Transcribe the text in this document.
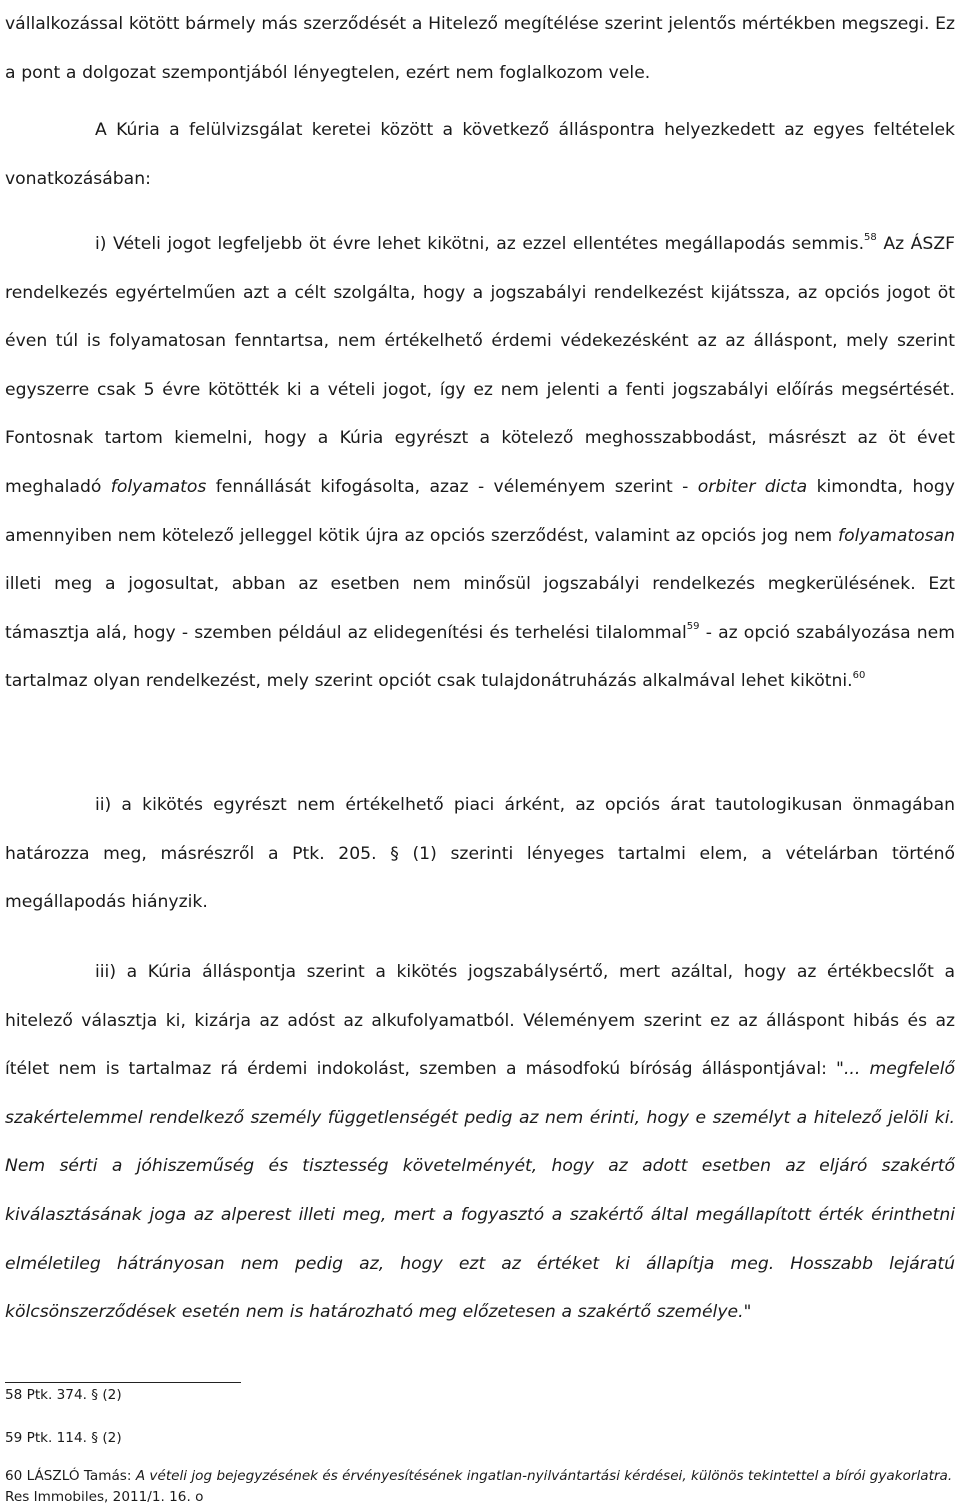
vállalkozással kötött bármely más szerződését a Hitelező megítélése szerint jelentős mértékben megszegi. Ez a pont a dolgozat szempontjából lényegtelen, ezért nem foglalkozom vele.

A Kúria a felülvizsgálat keretei között a következő álláspontra helyezkedett az egyes feltételek vonatkozásában:

i) Vételi jogot legfeljebb öt évre lehet kikötni, az ezzel ellentétes megállapodás semmis.$^{58}$ Az ÁSZF rendelkezés egyértelműen azt a célt szolgálta, hogy a jogszabályi rendelkezést kijátssza, az opciós jogot öt éven túl is folyamatosan fenntartsa, nem értékelhető érdemi védekezésként az az álláspont, mely szerint egyszerre csak 5 évre kötötték ki a vételi jogot, így ez nem jelenti a fenti jogszabályi előírás megsértését. Fontosnak tartom kiemelni, hogy a Kúria egyrészt a kötelező meghosszabbodást, másrészt az öt évet meghaladó folyamatos fennállását kifogásolta, azaz - véleményem szerint - orbiter dicta kimondta, hogy amennyiben nem kötelező jelleggel kötik újra az opciós szerződést, valamint az opciós jog nem folyamatosan illeti meg a jogosultat, abban az esetben nem minősül jogszabályi rendelkezés megkerülésének. Ezt támasztja alá, hogy - szemben például az elidegenítési és terhelési tilalommal$^{59}$ - az opció szabályozása nem tartalmaz olyan rendelkezést, mely szerint opciót csak tulajdonátruházás alkalmával lehet kikötni.$^{60}$

ii) a kikötés egyrészt nem értékelhető piaci árként, az opciós árat tautologikusan önmagában határozza meg, másrészről a Ptk. 205. § (1) szerinti lényeges tartalmi elem, a vételárban történő megállapodás hiányzik.

iii) a Kúria álláspontja szerint a kikötés jogszabálysértő, mert azáltal, hogy az értékbecslőt a hitelező választja ki, kizárja az adóst az alkufolyamatból. Véleményem szerint ez az álláspont hibás és az ítélet nem is tartalmaz rá érdemi indokolást, szemben a másodfokú bíróság álláspontjával: "... megfelelő szakértelemmel rendelkező személy függetlenségét pedig az nem érinti, hogy e személyt a hitelező jelöli ki. Nem sérti a jóhiszeműség és tisztesség követelményét, hogy az adott esetben az eljáró szakértő kiválasztásának joga az alperest illeti meg, mert a fogyasztó a szakértő által megállapított érték érinthetni elméletileg hátrányosan nem pedig az, hogy ezt az értéket ki állapítja meg. Hosszabb lejáratú kölcsönszerződések esetén nem is határozható meg előzetesen a szakértő személye."

58 Ptk. 374. § (2)
59 Ptk. 114. § (2)
60 LÁSZLÓ Tamás: A vételi jog bejegyzésének és érvényesítésének ingatlan-nyilvántartási kérdései, különös tekintettel a bírói gyakorlatra. Res Immobiles, 2011/1. 16. o
